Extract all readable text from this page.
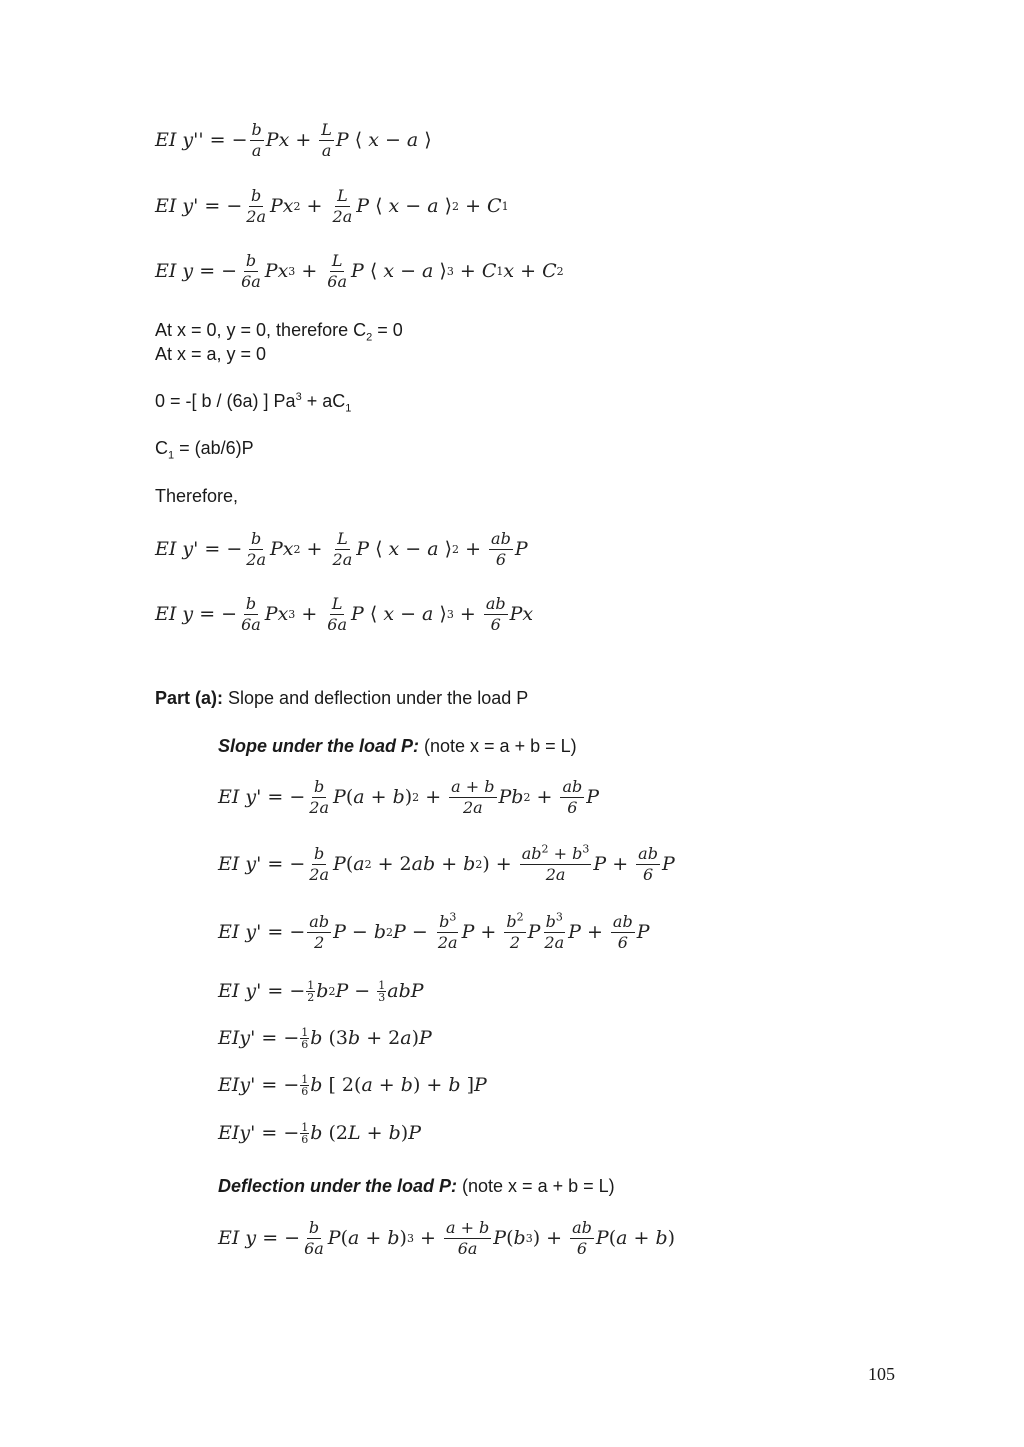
EI y'' = − $\frac{b}{a}$ $Px + \frac{L}{a}$ P ⟨ x − a ⟩
EI y' = − $\frac{b}{2a}$ Px $2 + \frac{L}{2a}$ P ⟨ x − a ⟩ 2 + C 1
EI y = − $\frac{b}{6a}$ Px $3 + \frac{L}{6a}$ P ⟨ x − a ⟩ 3 + C 1 x + C 2
At x = 0, y = 0, therefore $C_2 = 0$
At x = a, y = 0
0 = -[ b / (6a) ] $Pa^3 + aC_1$
$C_1 = (ab/6)P$
Therefore,
EI y' = − $\frac{b}{2a}$ Px $2 + \frac{L}{2a}$ P ⟨ x − a ⟩ $2 + \frac{ab}{6}$ P
EI y = − $\frac{b}{6a}$ Px $3 + \frac{L}{6a}$ P ⟨ x − a ⟩ $3 + \frac{ab}{6}$ Px
Part (a): Slope and deflection under the load P
Slope under the load P: (note x = a + b = L)
EI y' = − $\frac{b}{2a}$ P ( a + b ) $2 + \frac{a + b}{2a}$ Pb $2 + \frac{ab}{6}$ P
EI y' = − $\frac{b}{2a}$ P ( a 2 + 2 ab + b 2 ) + $\frac{ab^2 + b^3}{2a}$ $P + \frac{ab}{6}$ P
EI y' = − $\frac{ab}{2}$ P − b 2 $P - \frac{b^3}{2a}$ $P + \frac{b^2}{2}$ P $\frac{b^3}{2a}$ $P + \frac{ab}{6}$ P
EI y' = − $\frac{1}{2}$ b 2 $P - \frac{1}{3}$ abP
EIy' = − $\frac{1}{6}$ b (3 b + 2 a ) P
EIy' = − $\frac{1}{6}$ b [ 2( a + b ) + b ] P
EIy' = − $\frac{1}{6}$ b (2 L + b ) P
Deflection under the load P: (note x = a + b = L)
EI y = − $\frac{b}{6a}$ P ( a + b ) $3 + \frac{a + b}{6a}$ P ( b 3 ) + $\frac{ab}{6}$ P ( a + b )
105
